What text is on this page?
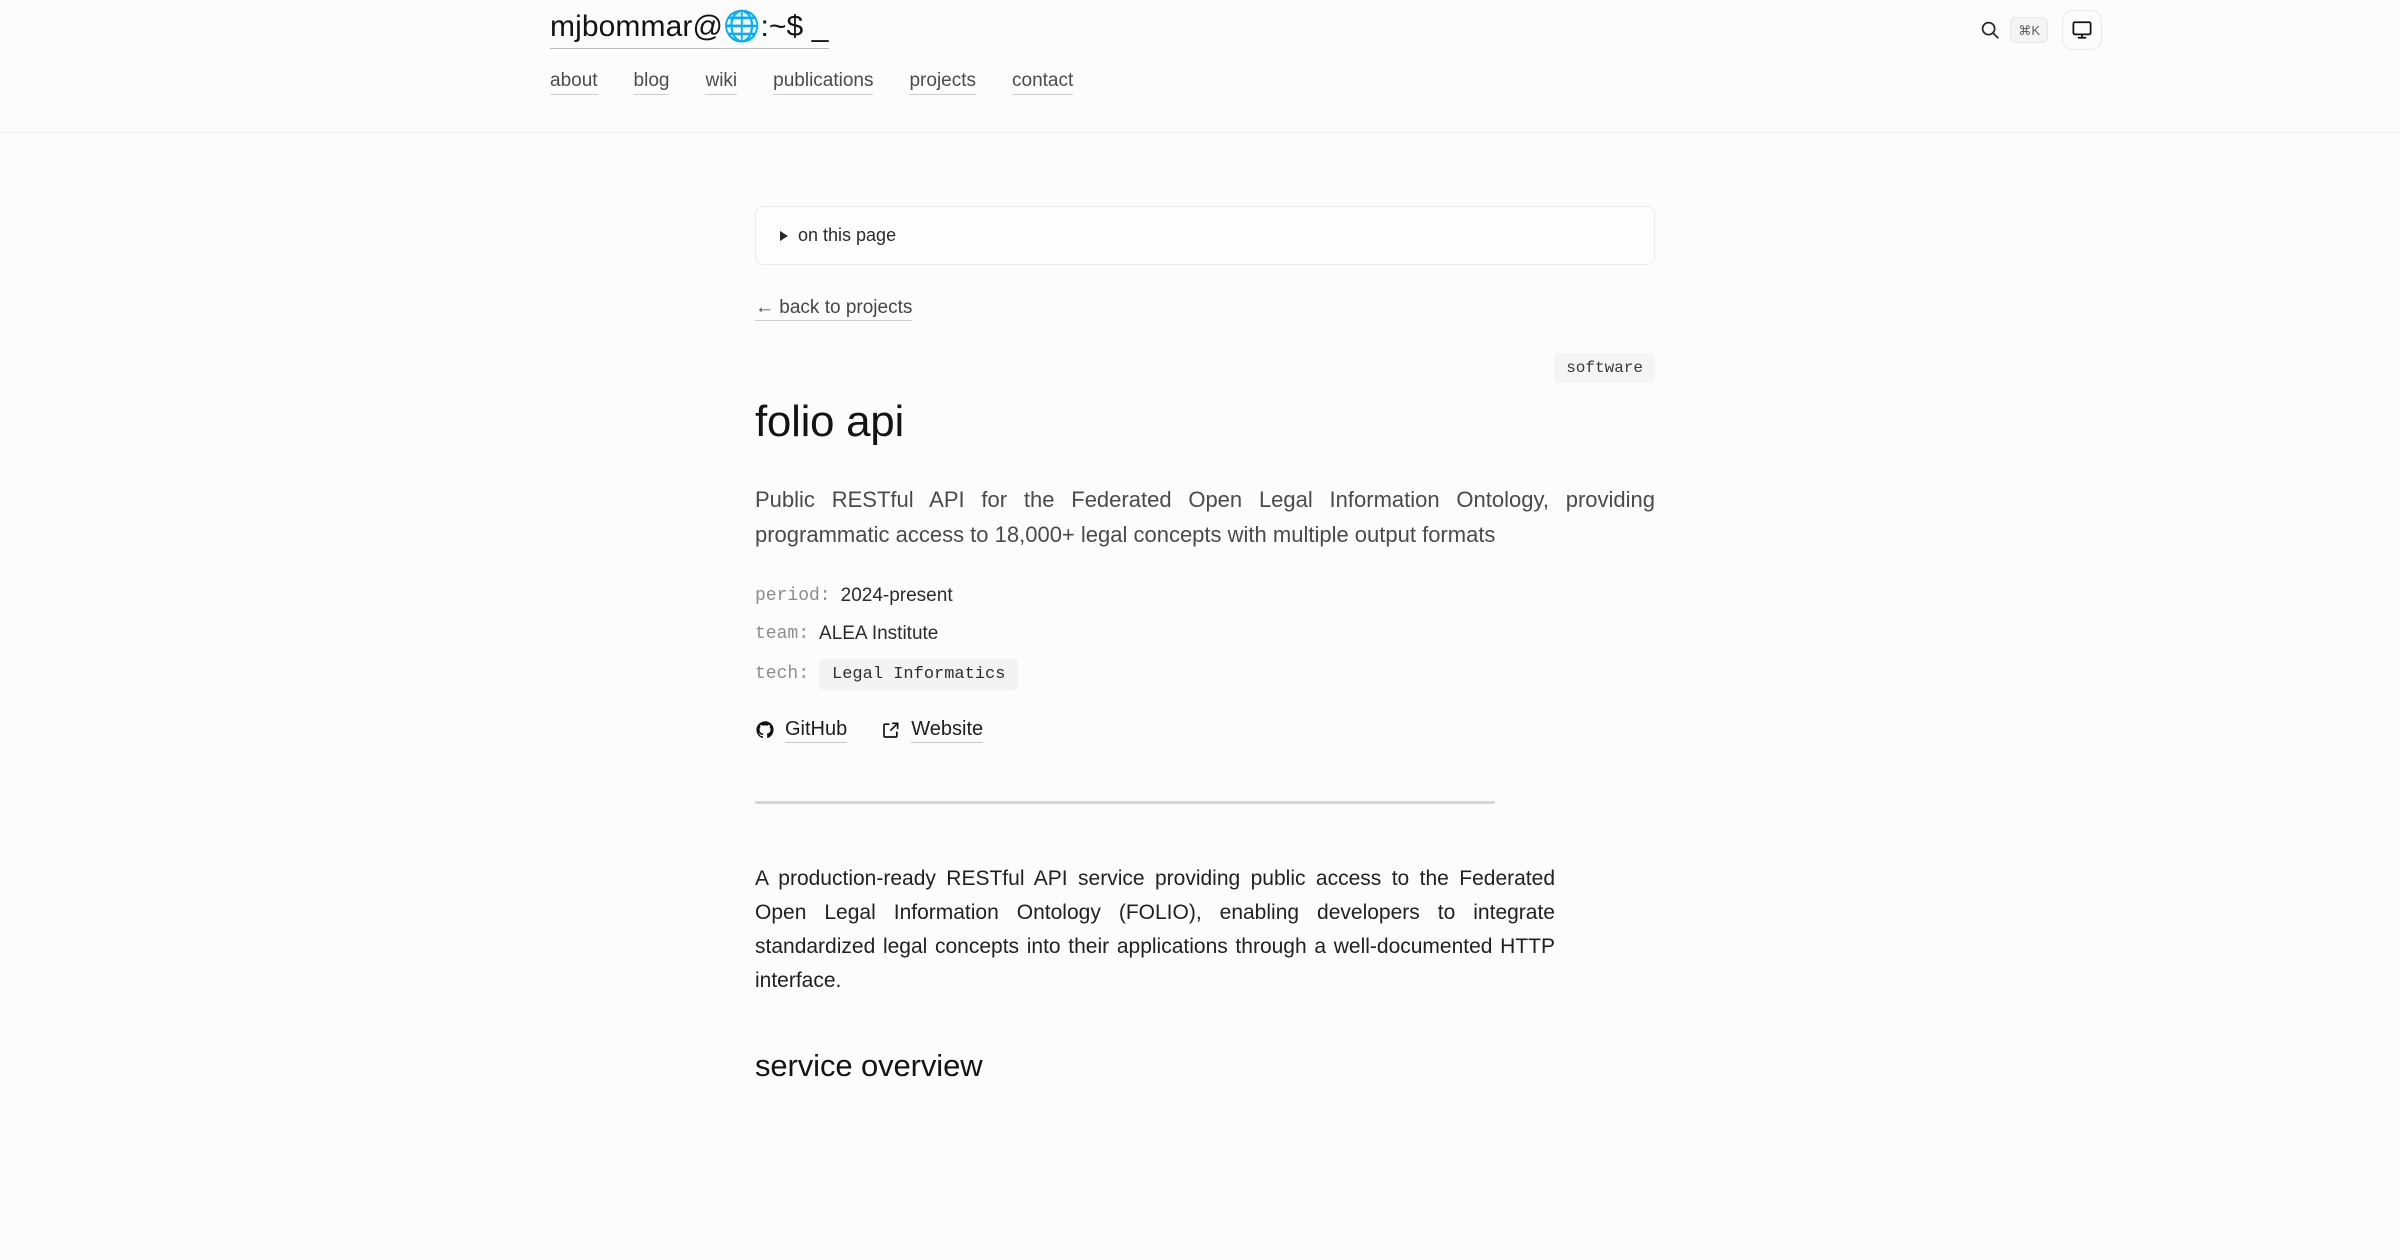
mjbommar@🌐:~$ _
about blog wiki publications projects contact
⌘K
on this page
← back to projects
software
folio api

Public RESTful API for the Federated Open Legal Information Ontology, providing programmatic access to 18,000+ legal concepts with multiple output formats

period: 2024-present
team: ALEA Institute
tech:	Legal Informatics
GitHub	Website

A production-ready RESTful API service providing public access to the Federated Open Legal Information Ontology (FOLIO), enabling developers to integrate standardized legal concepts into their applications through a well-documented HTTP interface.

service overview
